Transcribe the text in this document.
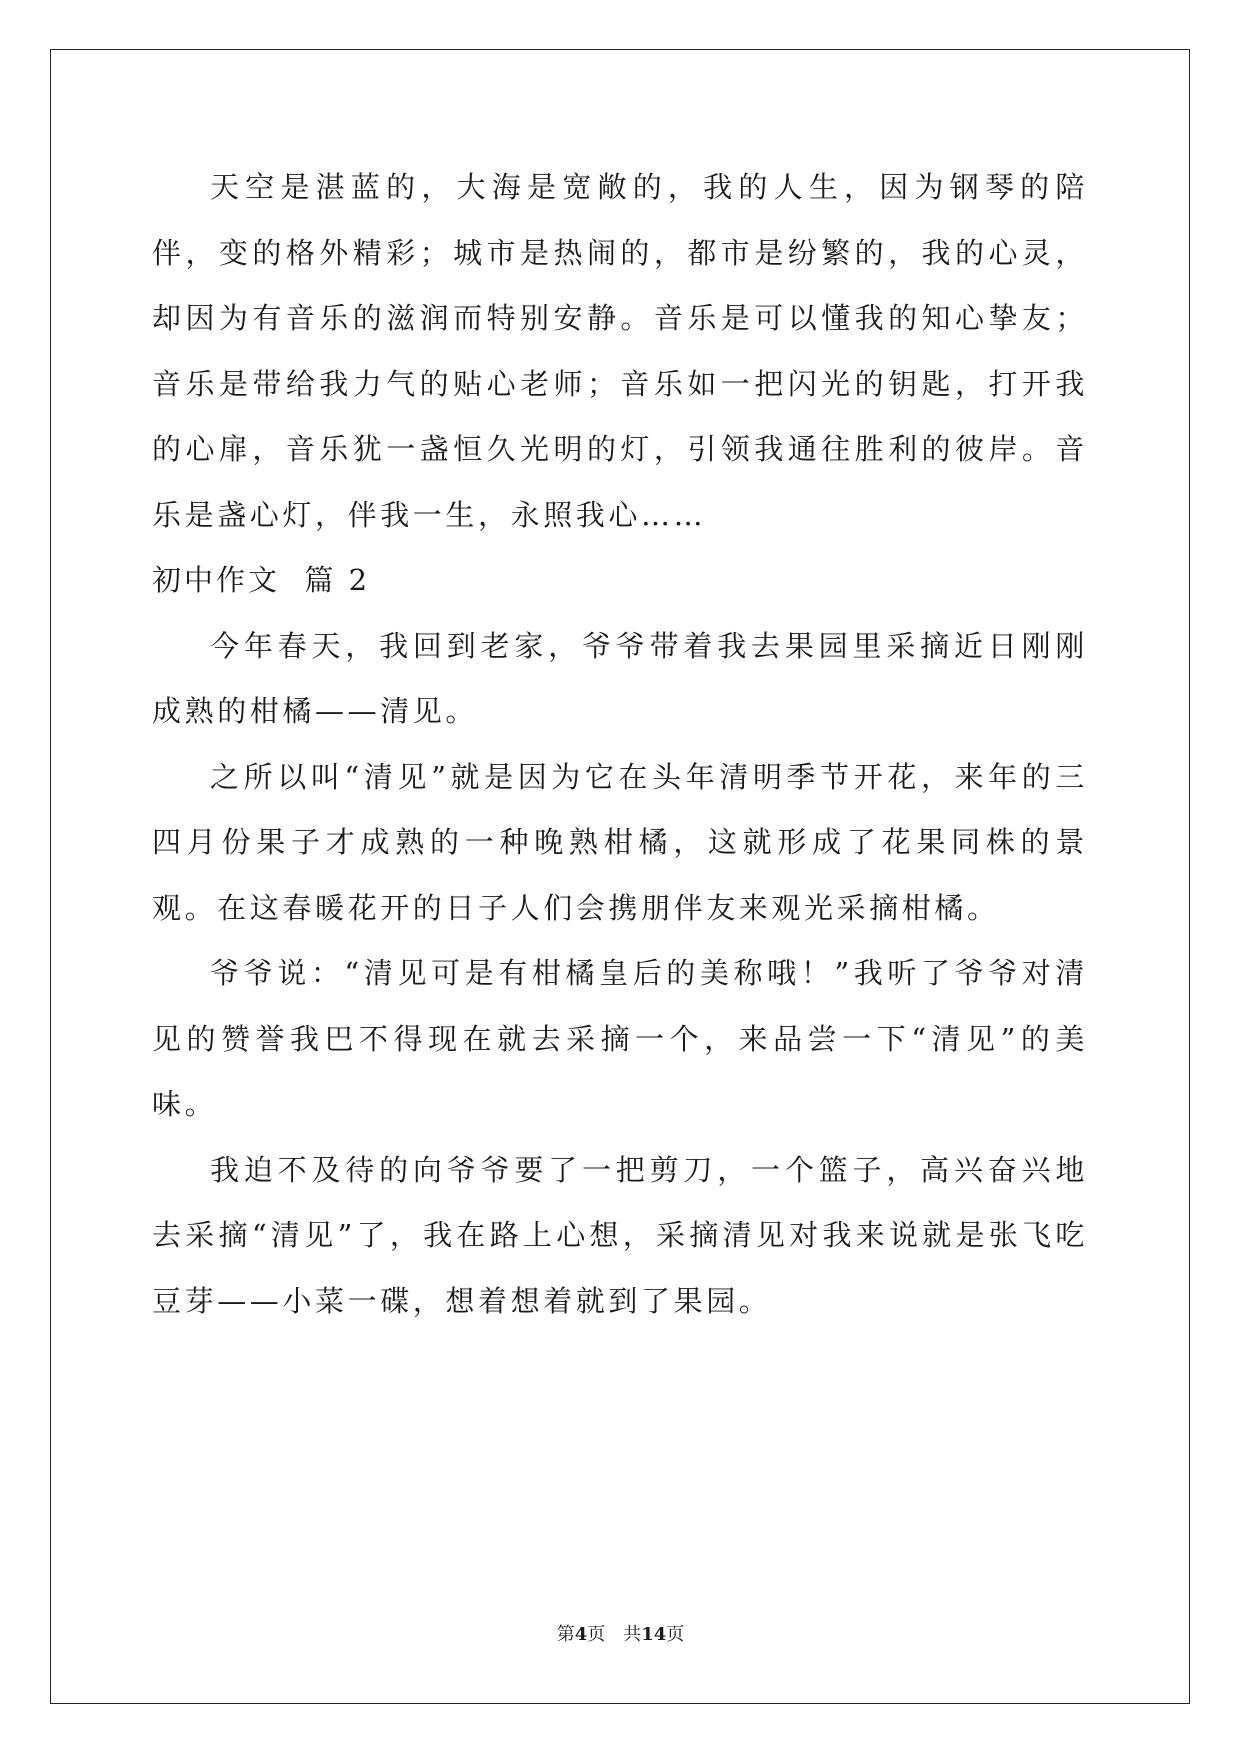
天空是湛蓝的，大海是宽敞的，我的人生，因为钢琴的陪伴，变的格外精彩；城市是热闹的，都市是纷繁的，我的心灵，却因为有音乐的滋润而特别安静。音乐是可以懂我的知心挚友；音乐是带给我力气的贴心老师；音乐如一把闪光的钥匙，打开我的心扉，音乐犹一盏恒久光明的灯，引领我通往胜利的彼岸。音乐是盏心灯，伴我一生，永照我心……

初中作文  篇 2

今年春天，我回到老家，爷爷带着我去果园里采摘近日刚刚成熟的柑橘——清见。

之所以叫“清见”就是因为它在头年清明季节开花，来年的三四月份果子才成熟的一种晚熟柑橘，这就形成了花果同株的景观。在这春暖花开的日子人们会携朋伴友来观光采摘柑橘。

爷爷说：“清见可是有柑橘皇后的美称哦！”我听了爷爷对清见的赞誉我巴不得现在就去采摘一个，来品尝一下“清见”的美味。

我迫不及待的向爷爷要了一把剪刀，一个篮子，高兴奋兴地去采摘“清见”了，我在路上心想，采摘清见对我来说就是张飞吃豆芽——小菜一碟，想着想着就到了果园。

第4页 共14页
